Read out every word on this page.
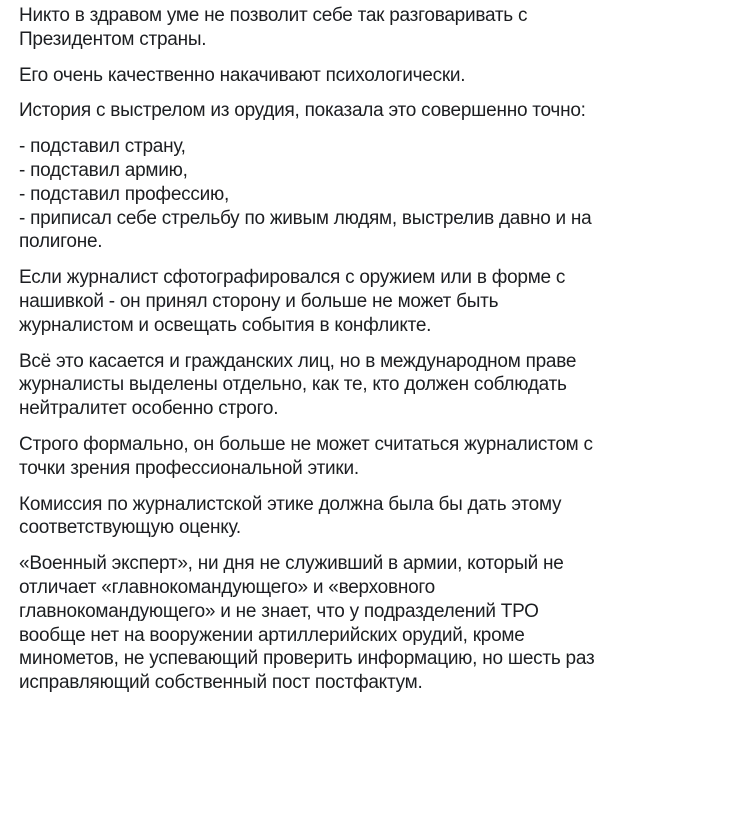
Никто в здравом уме не позволит себе так разговаривать с
Президентом страны.

Его очень качественно накачивают психологически.

История с выстрелом из орудия, показала это совершенно точно:

- подставил страну,
- подставил армию,
- подставил профессию,
- приписал себе стрельбу по живым людям, выстрелив давно и на
полигоне.

Если журналист сфотографировался с оружием или в форме с
нашивкой - он принял сторону и больше не может быть
журналистом и освещать события в конфликте.

Всё это касается и гражданских лиц, но в международном праве
журналисты выделены отдельно, как те, кто должен соблюдать
нейтралитет особенно строго.

Строго формально, он больше не может считаться журналистом с
точки зрения профессиональной этики.

Комиссия по журналистской этике должна была бы дать этому
соответствующую оценку.

«Военный эксперт», ни дня не служивший в армии, который не
отличает «главнокомандующего» и «верховного
главнокомандующего» и не знает, что у подразделений ТРО
вообще нет на вооружении артиллерийских орудий, кроме
минометов, не успевающий проверить информацию, но шесть раз
исправляющий собственный пост постфактум.
